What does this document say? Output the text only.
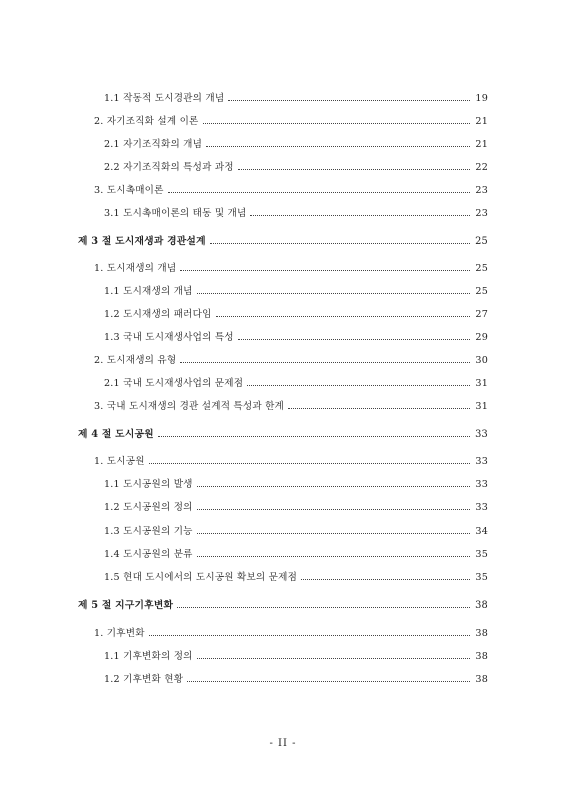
1.1 작동적 도시경관의 개념	19
2. 자기조직화 설계 이론	21
2.1 자기조직화의 개념	21
2.2 자기조직화의 특성과 과정	22
3. 도시촉매이론	23
3.1 도시촉매이론의 태동 및 개념	23
제 3 절 도시재생과 경관설계	25
1. 도시재생의 개념	25
1.1 도시재생의 개념	25
1.2 도시재생의 패러다임	27
1.3 국내 도시재생사업의 특성	29
2. 도시재생의 유형	30
2.1 국내 도시재생사업의 문제점	31
3. 국내 도시재생의 경관 설계적 특성과 한계	31
제 4 절 도시공원	33
1. 도시공원	33
1.1 도시공원의 발생	33
1.2 도시공원의 정의	33
1.3 도시공원의 기능	34
1.4 도시공원의 분류	35
1.5 현대 도시에서의 도시공원 확보의 문제점	35
제 5 절 지구기후변화	38
1. 기후변화	38
1.1 기후변화의 정의	38
1.2 기후변화 현황	38
- II -
